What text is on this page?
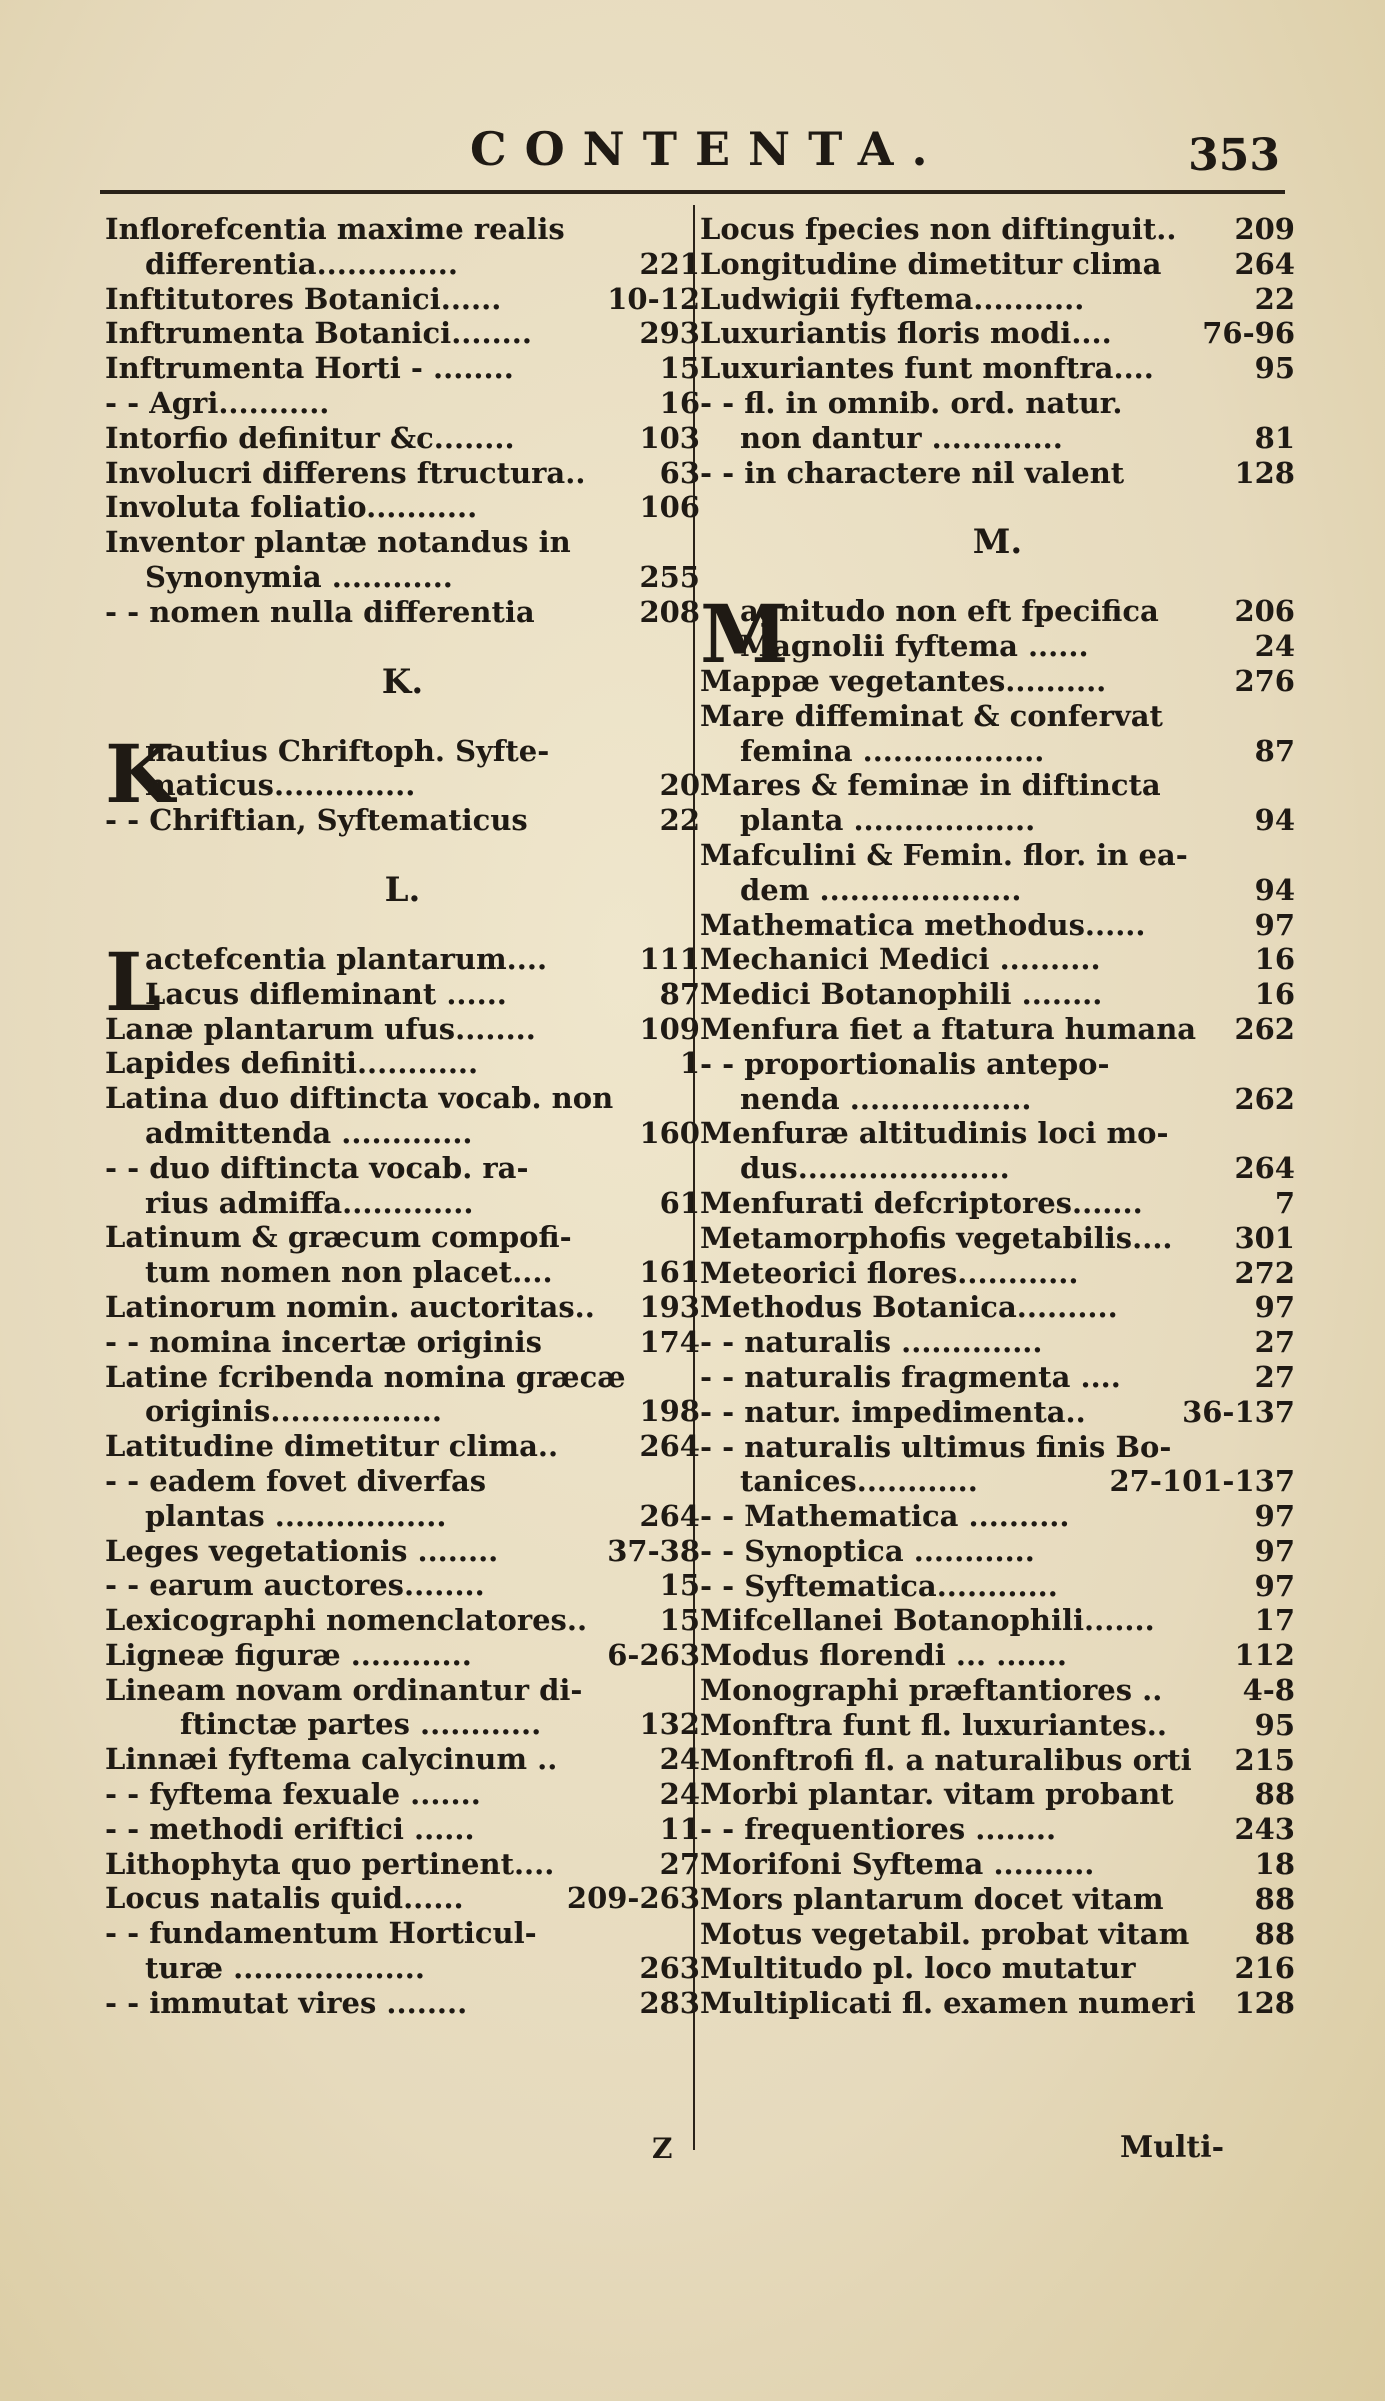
CONTENTA.	353
Inflorefcentia maxime realis
differentia..............	221
Inftitutores Botanici......	10-12
Inftrumenta Botanici........	293
Inftrumenta Horti - ........	15
- - Agri...........	16
Intorfio definitur &c........	103
Involucri differens ftructura..	63
Involuta foliatio...........	106
Inventor plantæ notandus in
Synonymia ............	255
- - nomen nulla differentia	208
K.
K
nautius Chriftoph. Syfte-
maticus..............	20
- - Chriftian, Syftematicus	22
L.
L
actefcentia plantarum....	111
Lacus difleminant ......	87
Lanæ plantarum ufus........	109
Lapides definiti............	1
Latina duo diftincta vocab. non
admittenda .............	160
- - duo diftincta vocab. ra-
rius admiffa.............	61
Latinum & græcum compofi-
tum nomen non placet....	161
Latinorum nomin. auctoritas.. 193
- - nomina incertæ originis	174
Latine fcribenda nomina græcæ
originis.................	198
Latitudine dimetitur clima..	264
- - eadem fovet diverfas
plantas .................	264
Leges vegetationis ........	37-38
- - earum auctores........	15
Lexicographi nomenclatores..	15
Ligneæ figuræ ............	6-263
Lineam novam ordinantur di-
ftinctæ partes ............	132
Linnæi fyftema calycinum ..	24
- - fyftema fexuale .......	24
- - methodi eriftici ......	11
Lithophyta quo pertinent....	27
Locus natalis quid......	209-263
- - fundamentum Horticul-
turæ ...................	263
- - immutat vires ........	283
Locus fpecies non diftinguit.. 209
Longitudine dimetitur clima	264
Ludwigii fyftema...........	22
Luxuriantis floris modi....	76-96
Luxuriantes funt monftra....	95
- - fl. in omnib. ord. natur.
non dantur .............	81
- - in charactere nil valent	128
M.
M
agnitudo non eft fpecifica	206
Magnolii fyftema ......	24
Mappæ vegetantes..........	276
Mare diffeminat & confervat
femina ..................	87
Mares & feminæ in diftincta
planta ..................	94
Mafculini & Femin. flor. in ea-
dem ....................	94
Mathematica methodus......	97
Mechanici Medici ..........	16
Medici Botanophili ........	16
Menfura fiet a ftatura humana 262
- - proportionalis antepo-
nenda ..................	262
Menfuræ altitudinis loci mo-
dus.....................	264
Menfurati defcriptores.......	7
Metamorphofis vegetabilis.... 301
Meteorici flores............	272
Methodus Botanica..........	97
- - naturalis ..............	27
- - naturalis fragmenta ....	27
- - natur. impedimenta..	36-137
- - naturalis ultimus finis Bo-
tanices............	27-101-137
- - Mathematica ..........	97
- - Synoptica ............	97
- - Syftematica............	97
Mifcellanei Botanophili.......	17
Modus florendi ... .......	112
Monographi præftantiores ..	4-8
Monftra funt fl. luxuriantes..	95
Monftrofi fl. a naturalibus orti 215
Morbi plantar. vitam probant	88
- - frequentiores ........	243
Morifoni Syftema ..........	18
Mors plantarum docet vitam	88
Motus vegetabil. probat vitam 88
Multitudo pl. loco mutatur	216
Multiplicati fl. examen numeri 128
Z	Multi-
